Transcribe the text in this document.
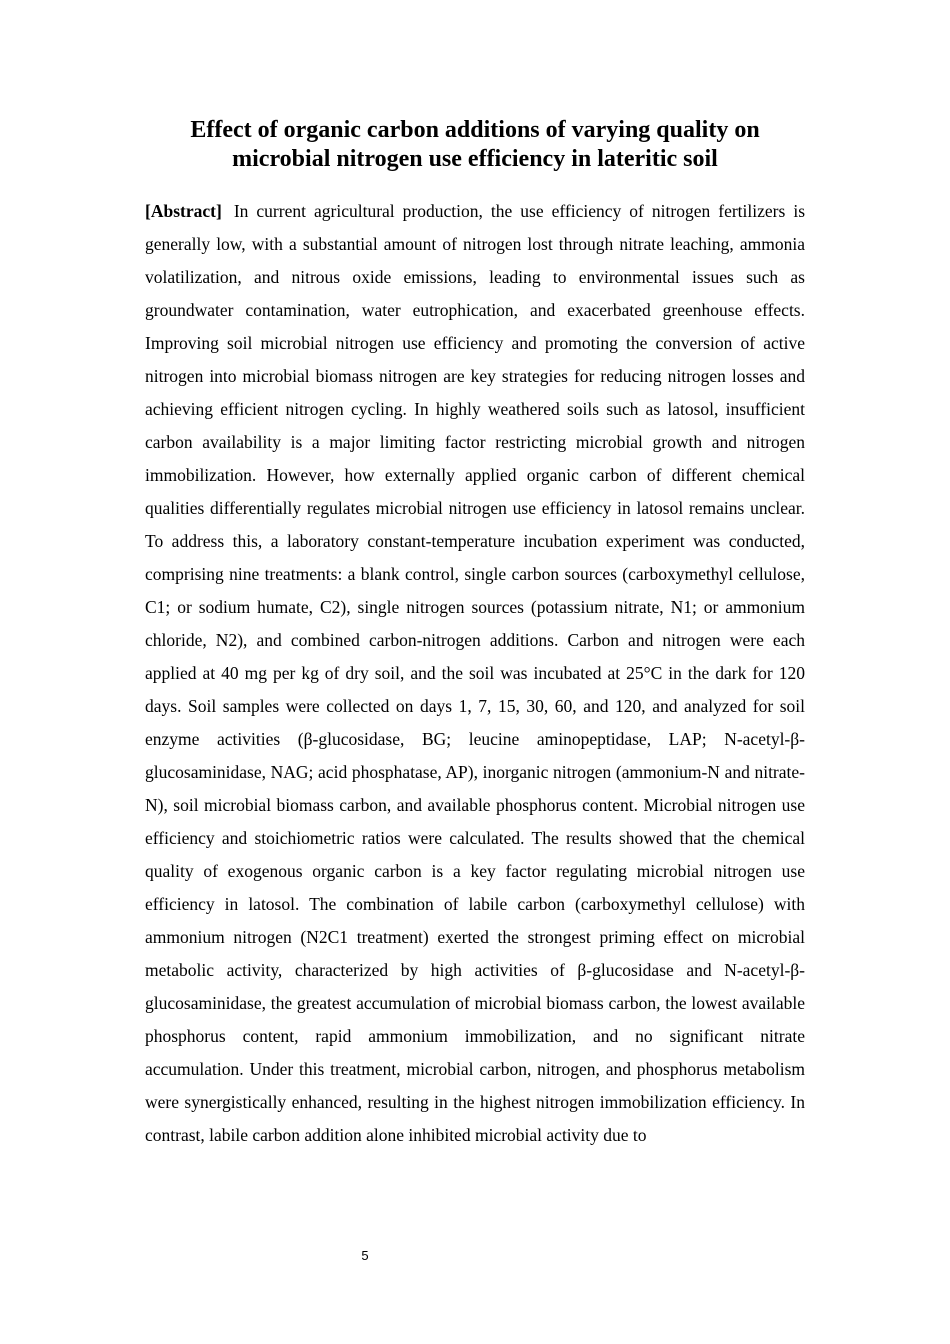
Effect of organic carbon additions of varying quality on microbial nitrogen use efficiency in lateritic soil

[Abstract] In current agricultural production, the use efficiency of nitrogen fertilizers is generally low, with a substantial amount of nitrogen lost through nitrate leaching, ammonia volatilization, and nitrous oxide emissions, leading to environmental issues such as groundwater contamination, water eutrophication, and exacerbated greenhouse effects. Improving soil microbial nitrogen use efficiency and promoting the conversion of active nitrogen into microbial biomass nitrogen are key strategies for reducing nitrogen losses and achieving efficient nitrogen cycling. In highly weathered soils such as latosol, insufficient carbon availability is a major limiting factor restricting microbial growth and nitrogen immobilization. However, how externally applied organic carbon of different chemical qualities differentially regulates microbial nitrogen use efficiency in latosol remains unclear. To address this, a laboratory constant-temperature incubation experiment was conducted, comprising nine treatments: a blank control, single carbon sources (carboxymethyl cellulose, C1; or sodium humate, C2), single nitrogen sources (potassium nitrate, N1; or ammonium chloride, N2), and combined carbon-nitrogen additions. Carbon and nitrogen were each applied at 40 mg per kg of dry soil, and the soil was incubated at 25°C in the dark for 120 days. Soil samples were collected on days 1, 7, 15, 30, 60, and 120, and analyzed for soil enzyme activities (β-glucosidase, BG; leucine aminopeptidase, LAP; N-acetyl-β-glucosaminidase, NAG; acid phosphatase, AP), inorganic nitrogen (ammonium-N and nitrate-N), soil microbial biomass carbon, and available phosphorus content. Microbial nitrogen use efficiency and stoichiometric ratios were calculated. The results showed that the chemical quality of exogenous organic carbon is a key factor regulating microbial nitrogen use efficiency in latosol. The combination of labile carbon (carboxymethyl cellulose) with ammonium nitrogen (N2C1 treatment) exerted the strongest priming effect on microbial metabolic activity, characterized by high activities of β-glucosidase and N-acetyl-β-glucosaminidase, the greatest accumulation of microbial biomass carbon, the lowest available phosphorus content, rapid ammonium immobilization, and no significant nitrate accumulation. Under this treatment, microbial carbon, nitrogen, and phosphorus metabolism were synergistically enhanced, resulting in the highest nitrogen immobilization efficiency. In contrast, labile carbon addition alone inhibited microbial activity due to

5
